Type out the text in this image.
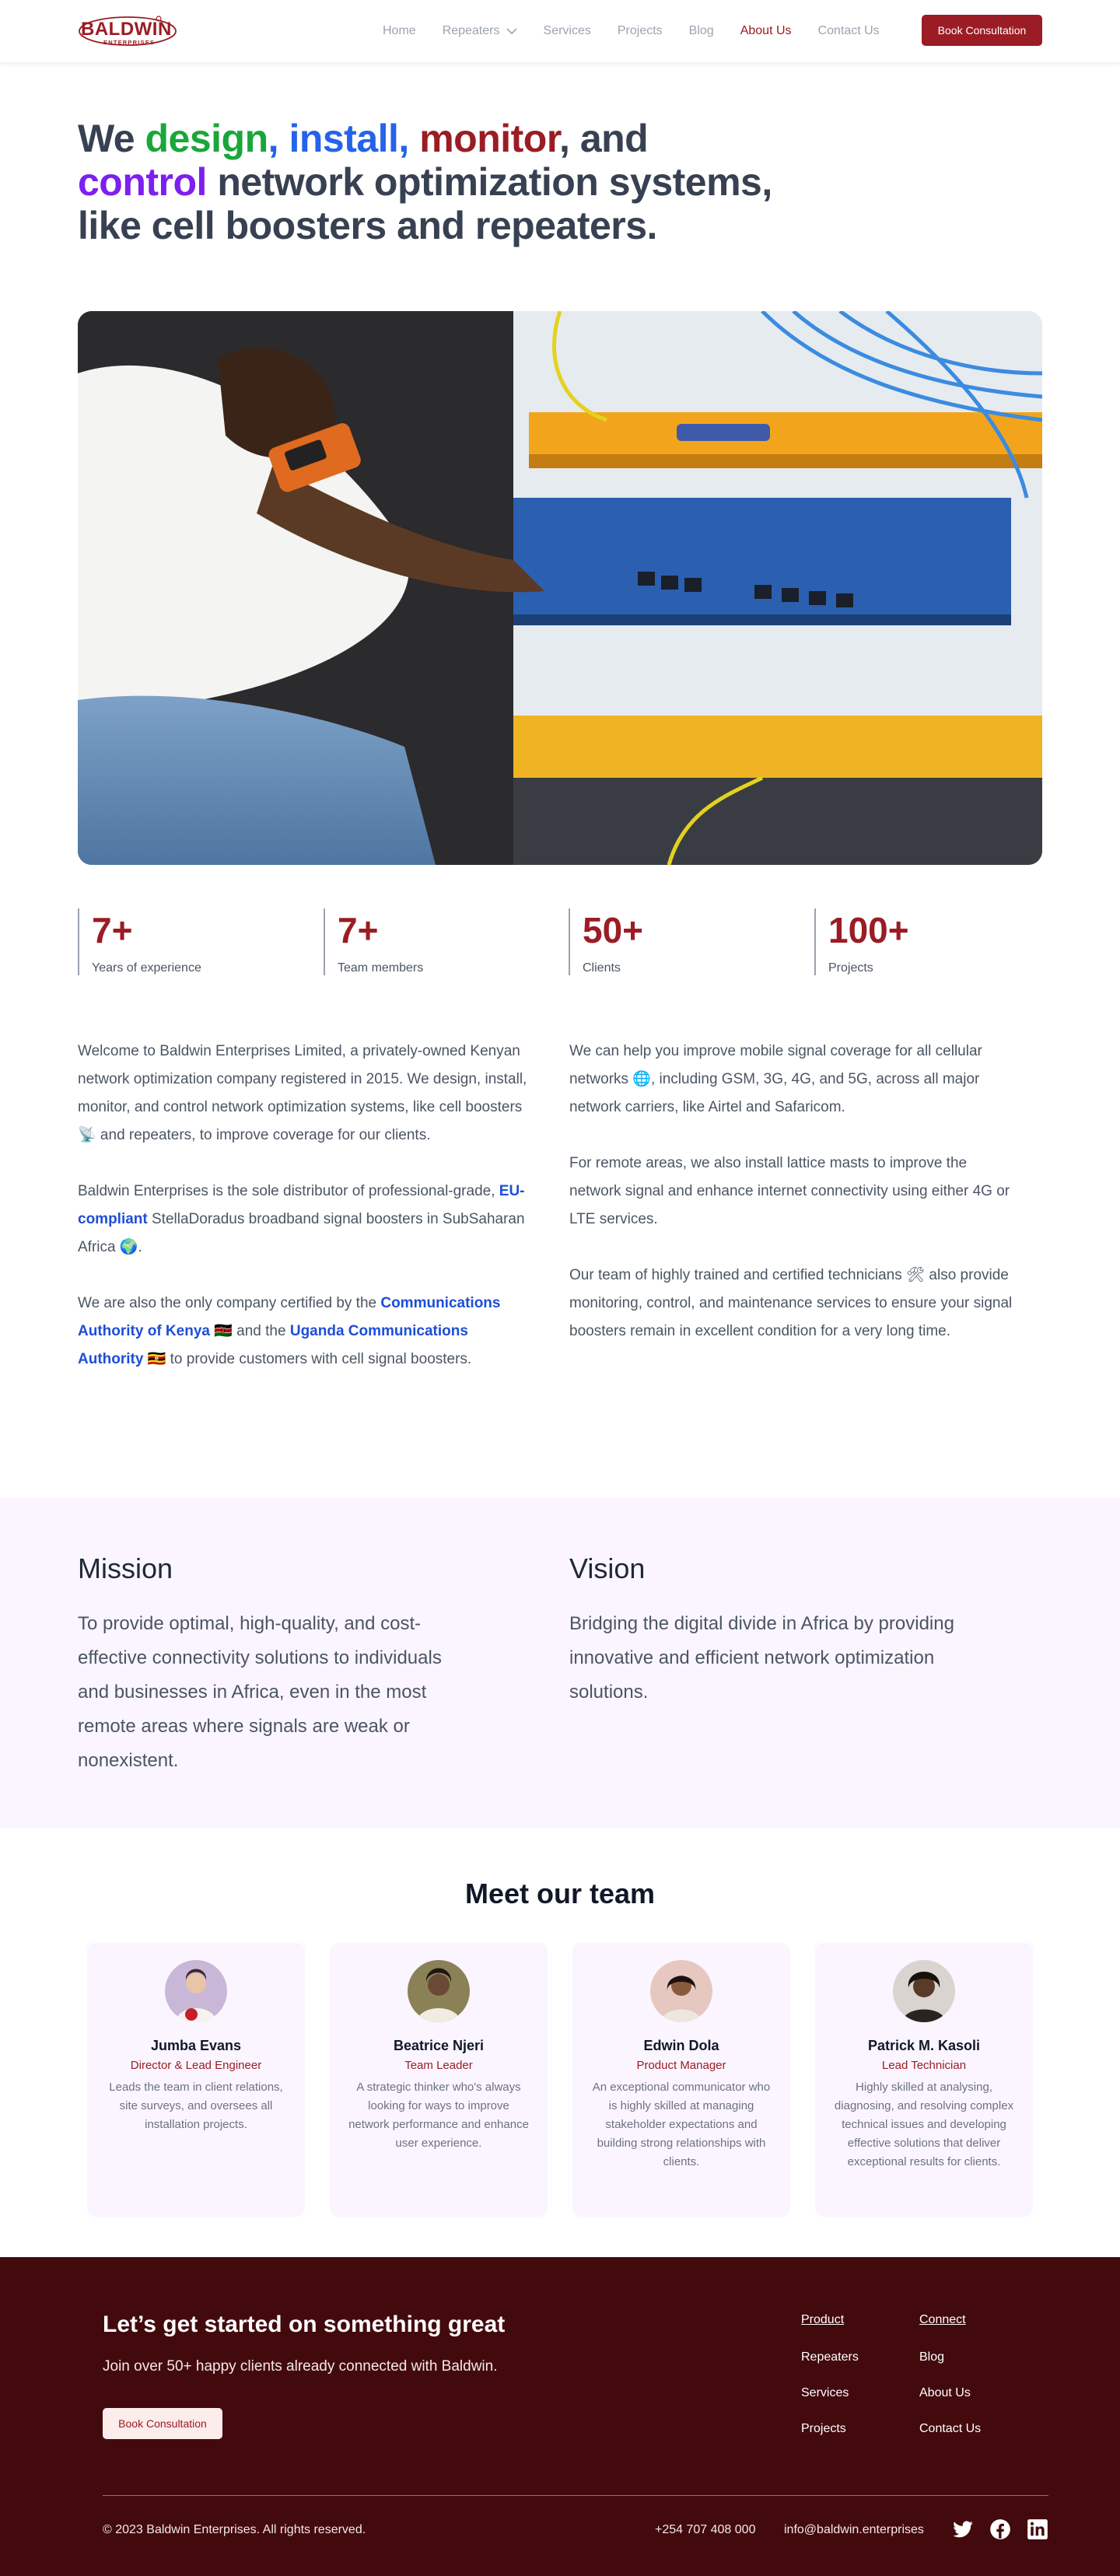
BALDWIN
ENTERPRISES
Home Repeaters	Services Projects Blog About Us Contact Us	Book Consultation
We design, install, monitor, and
control network optimization systems,
like cell boosters and repeaters.
7+
Years of experience
7+
Team members
50+
Clients
100+
Projects

Welcome to Baldwin Enterprises Limited, a privately-owned Kenyan network optimization company registered in 2015. We design, install, monitor, and control network optimization systems, like cell boosters 📡 and repeaters, to improve coverage for our clients.

Baldwin Enterprises is the sole distributor of professional-grade, EU-compliant StellaDoradus broadband signal boosters in SubSaharan Africa 🌍.

We are also the only company certified by the Communications Authority of Kenya 🇰🇪 and the Uganda Communications Authority 🇺🇬 to provide customers with cell signal boosters.

We can help you improve mobile signal coverage for all cellular networks 🌐, including GSM, 3G, 4G, and 5G, across all major network carriers, like Airtel and Safaricom.

For remote areas, we also install lattice masts to improve the network signal and enhance internet connectivity using either 4G or LTE services.

Our team of highly trained and certified technicians 🛠 also provide monitoring, control, and maintenance services to ensure your signal boosters remain in excellent condition for a very long time.

Mission

To provide optimal, high-quality, and cost-effective connectivity solutions to individuals and businesses in Africa, even in the most remote areas where signals are weak or nonexistent.

Vision

Bridging the digital divide in Africa by providing innovative and efficient network optimization solutions.

Meet our team
Jumba Evans
Director & Lead Engineer
Leads the team in client relations, site surveys, and oversees all installation projects.
Beatrice Njeri
Team Leader
A strategic thinker who's always looking for ways to improve network performance and enhance user experience.
Edwin Dola
Product Manager
An exceptional communicator who is highly skilled at managing stakeholder expectations and building strong relationships with clients.
Patrick M. Kasoli
Lead Technician
Highly skilled at analysing, diagnosing, and resolving complex technical issues and developing effective solutions that deliver exceptional results for clients.
Let’s get started on something great

Join over 50+ happy clients already connected with Baldwin.

Book Consultation
Product
Repeaters
Services
Projects
Connect
Blog
About Us
Contact Us
© 2023 Baldwin Enterprises. All rights reserved.	+254 707 408 000 info@baldwin.enterprises
